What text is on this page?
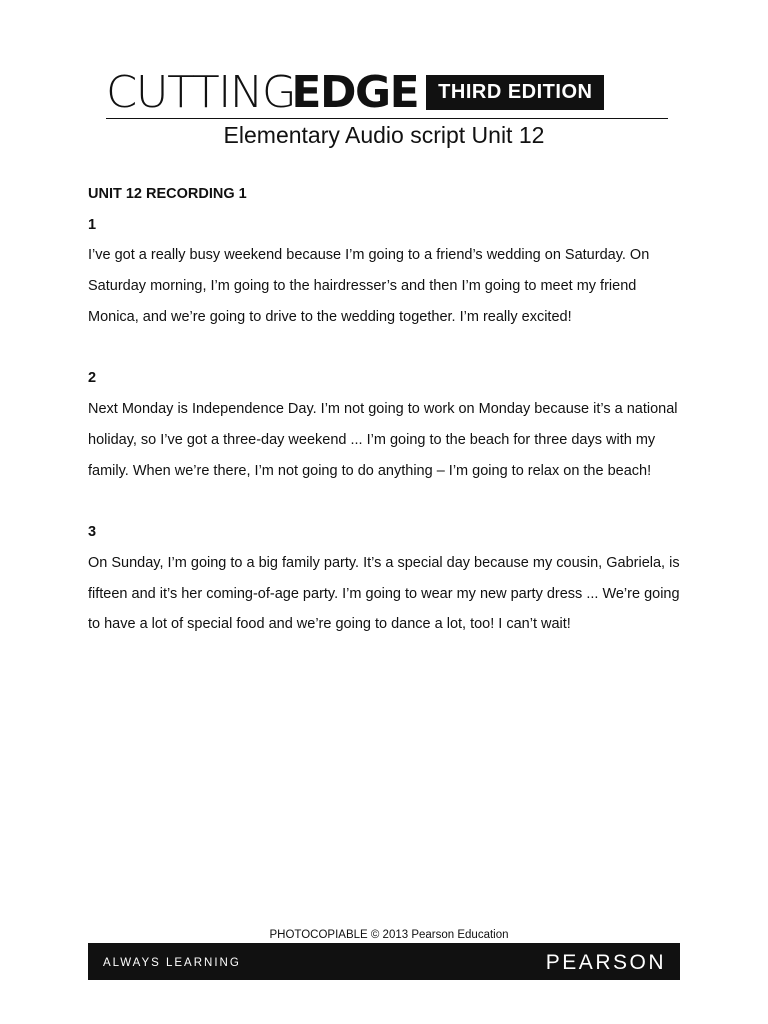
CUTTING
EDGE	THIRD EDITION
Elementary Audio script Unit 12
UNIT 12 RECORDING 1
1

I’ve got a really busy weekend because I’m going to a friend’s wedding on Saturday. On Saturday morning, I’m going to the hairdresser’s and then I’m going to meet my friend Monica, and we’re going to drive to the wedding together. I’m really excited!

2

Next Monday is Independence Day. I’m not going to work on Monday because it’s a national holiday, so I’ve got a three-day weekend ... I’m going to the beach for three days with my family. When we’re there, I’m not going to do anything – I’m going to relax on the beach!

3

On Sunday, I’m going to a big family party. It’s a special day because my cousin, Gabriela, is fifteen and it’s her coming-of-age party. I’m going to wear my new party dress ... We’re going to have a lot of special food and we’re going to dance a lot, too! I can’t wait!

PHOTOCOPIABLE © 2013 Pearson Education
ALWAYS LEARNING	PEARSON
